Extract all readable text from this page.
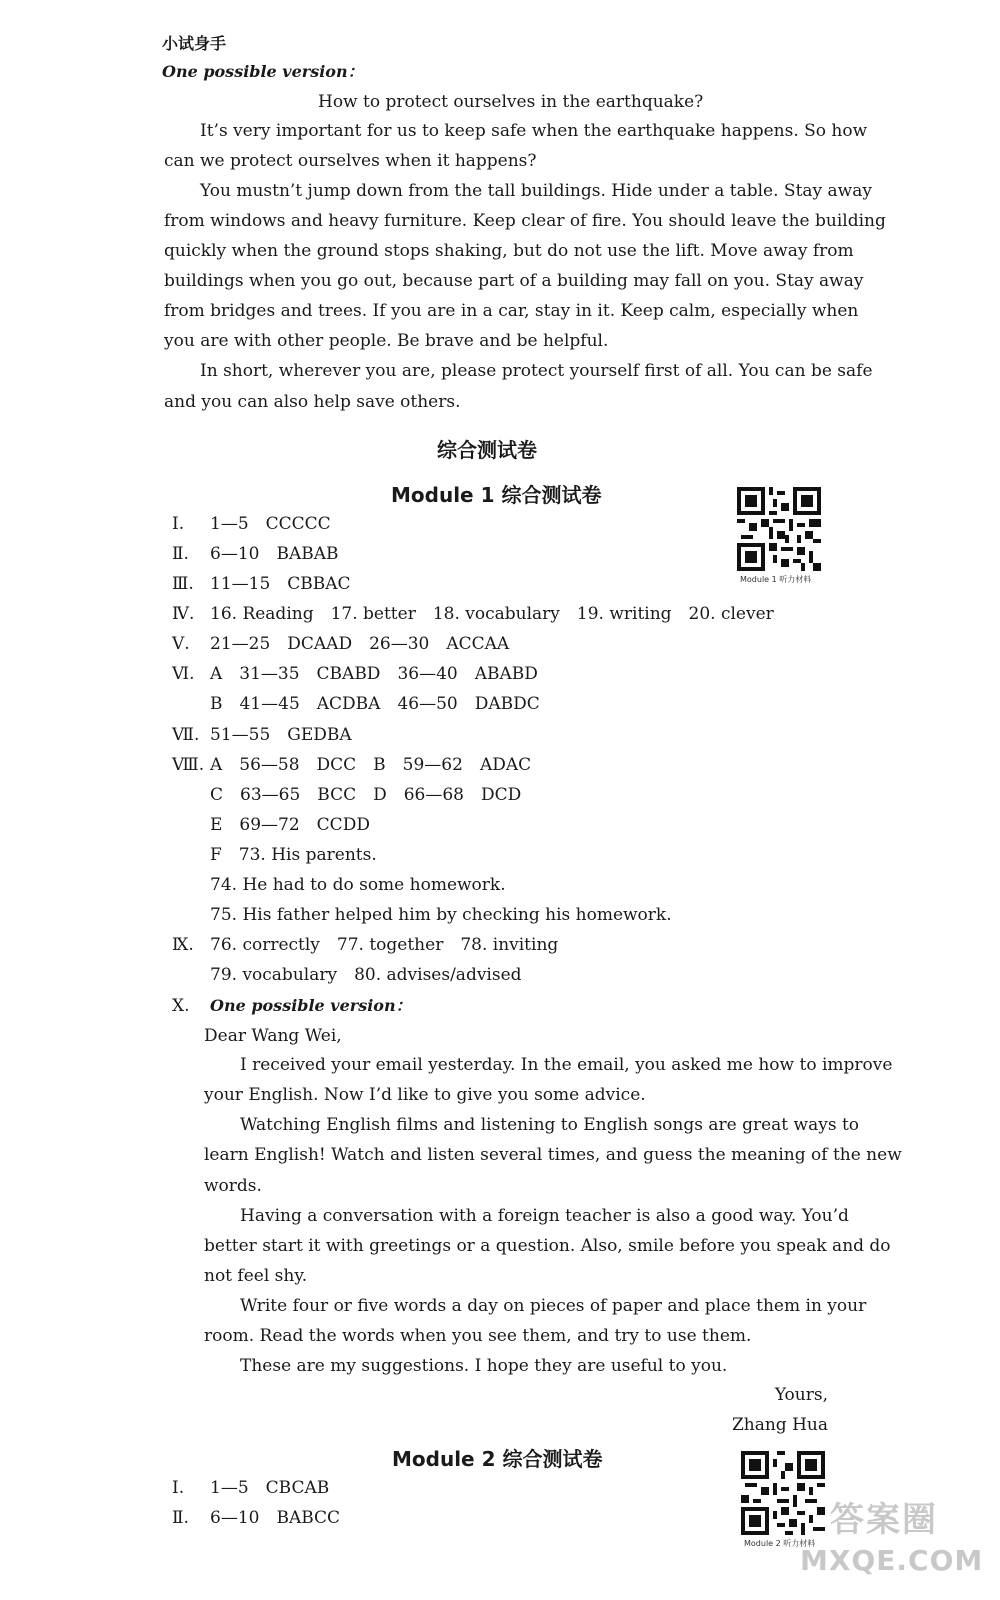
小试身手
One possible version：
How to protect ourselves in the earthquake?
It’s very important for us to keep safe when the earthquake happens. So how
can we protect ourselves when it happens?
You mustn’t jump down from the tall buildings. Hide under a table. Stay away
from windows and heavy furniture. Keep clear of fire. You should leave the building
quickly when the ground stops shaking, but do not use the lift. Move away from
buildings when you go out, because part of a building may fall on you. Stay away
from bridges and trees. If you are in a car, stay in it. Keep calm, especially when
you are with other people. Be brave and be helpful.
In short, wherever you are, please protect yourself first of all. You can be safe
and you can also help save others.
综合测试卷
Module 1 综合测试卷
Module 1 听力材料
Ⅰ. 1—5　CCCCC
Ⅱ. 6—10　BABAB
Ⅲ. 11—15　CBBAC
Ⅳ. 16. Reading　17. better　18. vocabulary　19. writing　20. clever
Ⅴ. 21—25　DCAAD　26—30　ACCAA
Ⅵ. A　31—35　CBABD　36—40　ABABD
B　41—45　ACDBA　46—50　DABDC
Ⅶ. 51—55　GEDBA
Ⅷ. A　56—58　DCC　B　59—62　ADAC
C　63—65　BCC　D　66—68　DCD
E　69—72　CCDD
F　73. His parents.
74. He had to do some homework.
75. His father helped him by checking his homework.
Ⅸ. 76. correctly　77. together　78. inviting
79. vocabulary　80. advises/advised
Ⅹ. One possible version：
Dear Wang Wei,
I received your email yesterday. In the email, you asked me how to improve
your English. Now I’d like to give you some advice.
Watching English films and listening to English songs are great ways to
learn English! Watch and listen several times, and guess the meaning of the new
words.
Having a conversation with a foreign teacher is also a good way. You’d
better start it with greetings or a question. Also, smile before you speak and do
not feel shy.
Write four or five words a day on pieces of paper and place them in your
room. Read the words when you see them, and try to use them.
These are my suggestions. I hope they are useful to you.
Yours,
Zhang Hua
Module 2 综合测试卷
Module 2 听力材料
Ⅰ. 1—5　CBCAB
Ⅱ. 6—10　BABCC	答案圈
MXQE.COM
